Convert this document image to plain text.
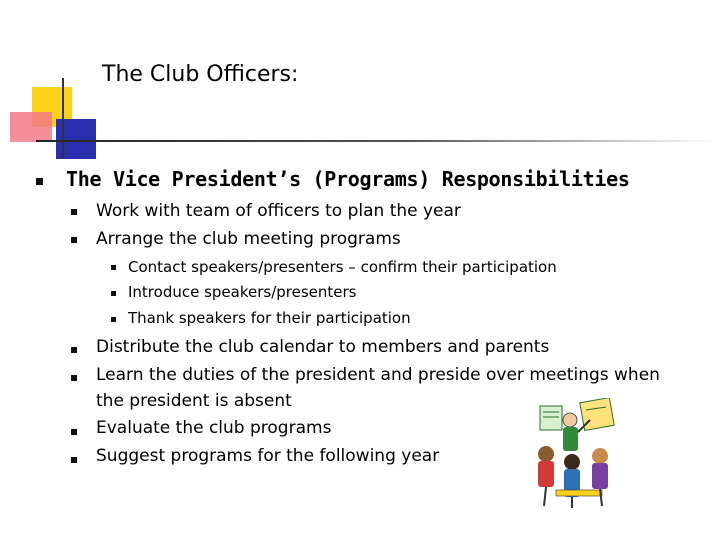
The Club Officers:
The Vice President’s (Programs) Responsibilities
Work with team of officers to plan the year
Arrange the club meeting programs
Contact speakers/presenters – confirm their participation
Introduce speakers/presenters
Thank speakers for their participation
Distribute the club calendar to members and parents
Learn the duties of the president and preside over meetings when
the president is absent
Evaluate the club programs
Suggest programs for the following year
